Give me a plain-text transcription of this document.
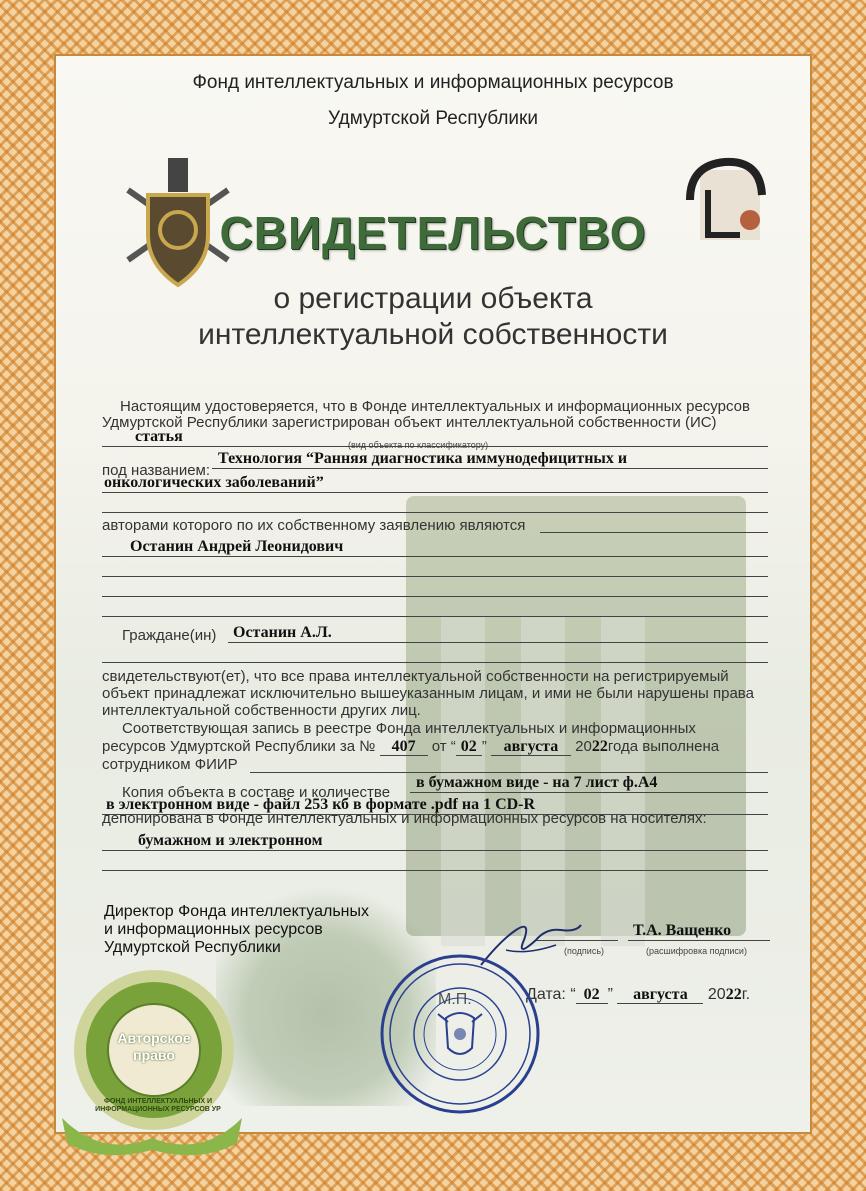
Фонд интеллектуальных и информационных ресурсов
Удмуртской Республики
СВИДЕТЕЛЬСТВО
о регистрации объекта
интеллектуальной собственности
Настоящим удостоверяется, что в Фонде интеллектуальных и информационных ресурсов
Удмуртской Республики зарегистрирован объект интеллектуальной собственности (ИС)
статья	(вид объекта по классификатору)
под названием:
Технология “Ранняя диагностика иммунодефицитных и
онкологических заболеваний”
авторами которого по их собственному заявлению являются
Останин Андрей Леонидович
Граждане(ин) Останин А.Л.
свидетельствуют(ет), что все права интеллектуальной собственности на регистрируемый
объект принадлежат исключительно вышеуказанным лицам, и ими не были нарушены права
интеллектуальной собственности других лиц.
Соответствующая запись в реестре Фонда интеллектуальных и информационных
ресурсов Удмуртской Республики за № 407 от “ 02 ” августа 2022года выполнена
сотрудником ФИИР
Копия объекта в составе и количестве
в бумажном виде - на 7 лист ф.А4
в электронном виде - файл 253 кб в формате .pdf на 1 CD-R
депонирована в Фонде интеллектуальных и информационных ресурсов на носителях:
бумажном и электронном
Директор Фонда интеллектуальных
и информационных ресурсов
Удмуртской Республики	(подпись)
Т.А. Ващенко
(расшифровка подписи)
М.П.	Дата: “ 02 ” августа 2022г.
Авторское
право
ФОНД ИНТЕЛЛЕКТУАЛЬНЫХ И ИНФОРМАЦИОННЫХ РЕСУРСОВ УР
